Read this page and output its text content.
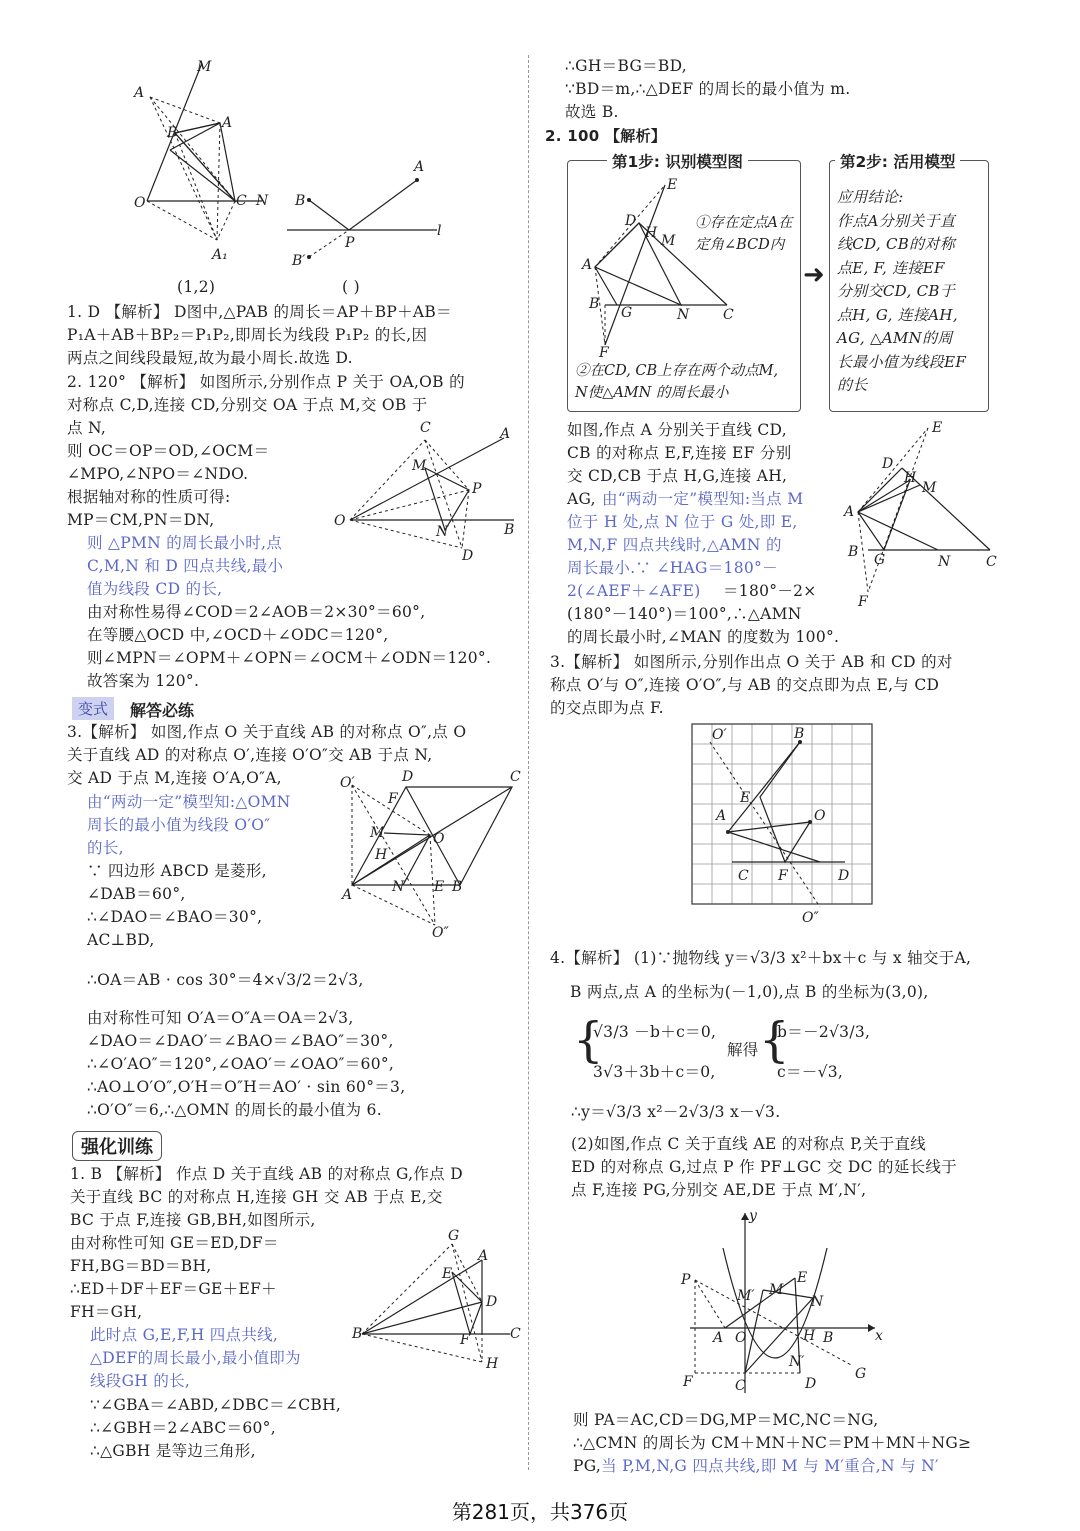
M
A
B
A
O	C N
A₁
A
B
P
l
B′
(1,2)	( )
1. D 【解析】 D图中,△PAB 的周长＝AP＋BP＋AB＝
P₁A＋AB＋BP₂＝P₁P₂,即周长为线段 P₁P₂ 的长,因
两点之间线段最短,故为最小周长.故选 D.
2. 120° 【解析】 如图所示,分别作点 P 关于 OA,OB 的
对称点 C,D,连接 CD,分别交 OA 于点 M,交 OB 于
点 N,
则 OC＝OP＝OD,∠OCM＝
∠MPO,∠NPO＝∠NDO.
根据轴对称的性质可得:
MP＝CM,PN＝DN,
则 △PMN 的周长最小时,点
C,M,N 和 D 四点共线,最小
值为线段 CD 的长,
由对称性易得∠COD＝2∠AOB＝2×30°＝60°,
在等腰△OCD 中,∠OCD＋∠ODC＝120°,
则∠MPN＝∠OPM＋∠OPN＝∠OCM＋∠ODN＝120°.
故答案为 120°.
C	A
M
P
O
N	B
D
变式	解答必练
3.【解析】 如图,作点 O 关于直线 AB 的对称点 O″,点 O
关于直线 AD 的对称点 O′,连接 O′O″交 AB 于点 N,
交 AD 于点 M,连接 O′A,O″A,
由“两动一定”模型知:△OMN
周长的最小值为线段 O′O″
的长,
∵ 四边形 ABCD 是菱形,
∠DAB＝60°,
∴∠DAO＝∠BAO＝30°,
AC⊥BD,
∴OA＝AB · cos 30°＝4×√3/2＝2√3,
由对称性可知 O′A＝O″A＝OA＝2√3,
∠DAO＝∠DAO′＝∠BAO＝∠BAO″＝30°,
∴∠O′AO″＝120°,∠OAO′＝∠OAO″＝60°,
∴AO⊥O′O″,O′H＝O″H＝AO′ · sin 60°＝3,
∴O′O″＝6,∴△OMN 的周长的最小值为 6.
O′	D	C
F
M	O
H
A	N E B
O″
强化训练
1. B 【解析】 作点 D 关于直线 AB 的对称点 G,作点 D
关于直线 BC 的对称点 H,连接 GH 交 AB 于点 E,交
BC 于点 F,连接 GB,BH,如图所示,
由对称性可知 GE＝ED,DF＝
FH,BG＝BD＝BH,
∴ED＋DF＋EF＝GE＋EF＋
FH＝GH,
此时点 G,E,F,H 四点共线,
△DEF的周长最小,最小值即为
线段GH 的长,
∵∠GBA＝∠ABD,∠DBC＝∠CBH,
∴∠GBH＝2∠ABC＝60°,
∴△GBH 是等边三角形,
G
A
E
D
B	F	C
H
∴GH＝BG＝BD,
∵BD＝m,∴△DEF 的周长的最小值为 m.
故选 B.
2. 100 【解析】
第1步: 识别模型图
E
D
H M
A
B
G	N C
F
①存在定点A在
定角∠BCD内
②在CD, CB上存在两个动点M,
N使△AMN 的周长最小
➜
第2步: 活用模型
应用结论:
作点A分别关于直
线CD, CB的对称
点E, F, 连接EF
分别交CD, CB于
点H, G, 连接AH,
AG, △AMN的周
长最小值为线段EF
的长
如图,作点 A 分别关于直线 CD,
CB 的对称点 E,F,连接 EF 分别
交 CD,CB 于点 H,G,连接 AH,
AG, 由“两动一定”模型知:当点 M
位于 H 处,点 N 位于 G 处,即 E,
M,N,F 四点共线时,△AMN 的
周长最小.∵ ∠HAG＝180°－
2(∠AEF＋∠AFE) ＝180°－2×
(180°－140°)＝100°,∴△AMN
的周长最小时,∠MAN 的度数为 100°.
E
D
H
M
A
B G	N	C
F
3.【解析】 如图所示,分别作出点 O 关于 AB 和 CD 的对
称点 O′与 O″,连接 O′O″,与 AB 的交点即为点 E,与 CD
的交点即为点 F.
O′	B
E
A	O
C F	D
O″
4.【解析】 (1)∵抛物线 y＝√3/3 x²＋bx＋c 与 x 轴交于A,
B 两点,点 A 的坐标为(－1,0),点 B 的坐标为(3,0),
{
√3/3 －b＋c＝0,
3√3＋3b＋c＝0,
解得 {
b＝－2√3/3,
c＝－√3,
∴y＝√3/3 x²－2√3/3 x－√3.
(2)如图,作点 C 关于直线 AE 的对称点 P,关于直线
ED 的对称点 G,过点 P 作 PF⊥GC 交 DC 的延长线于
点 F,连接 PG,分别交 AE,DE 于点 M′,N′,
y
x
P
M′ M
E
N
A O	H B
N′
F	C	D
G
则 PA＝AC,CD＝DG,MP＝MC,NC＝NG,
∴△CMN 的周长为 CM＋MN＋NC＝PM＋MN＋NG≥
PG,当 P,M,N,G 四点共线,即 M 与 M′重合,N 与 N′
第281页，共376页
